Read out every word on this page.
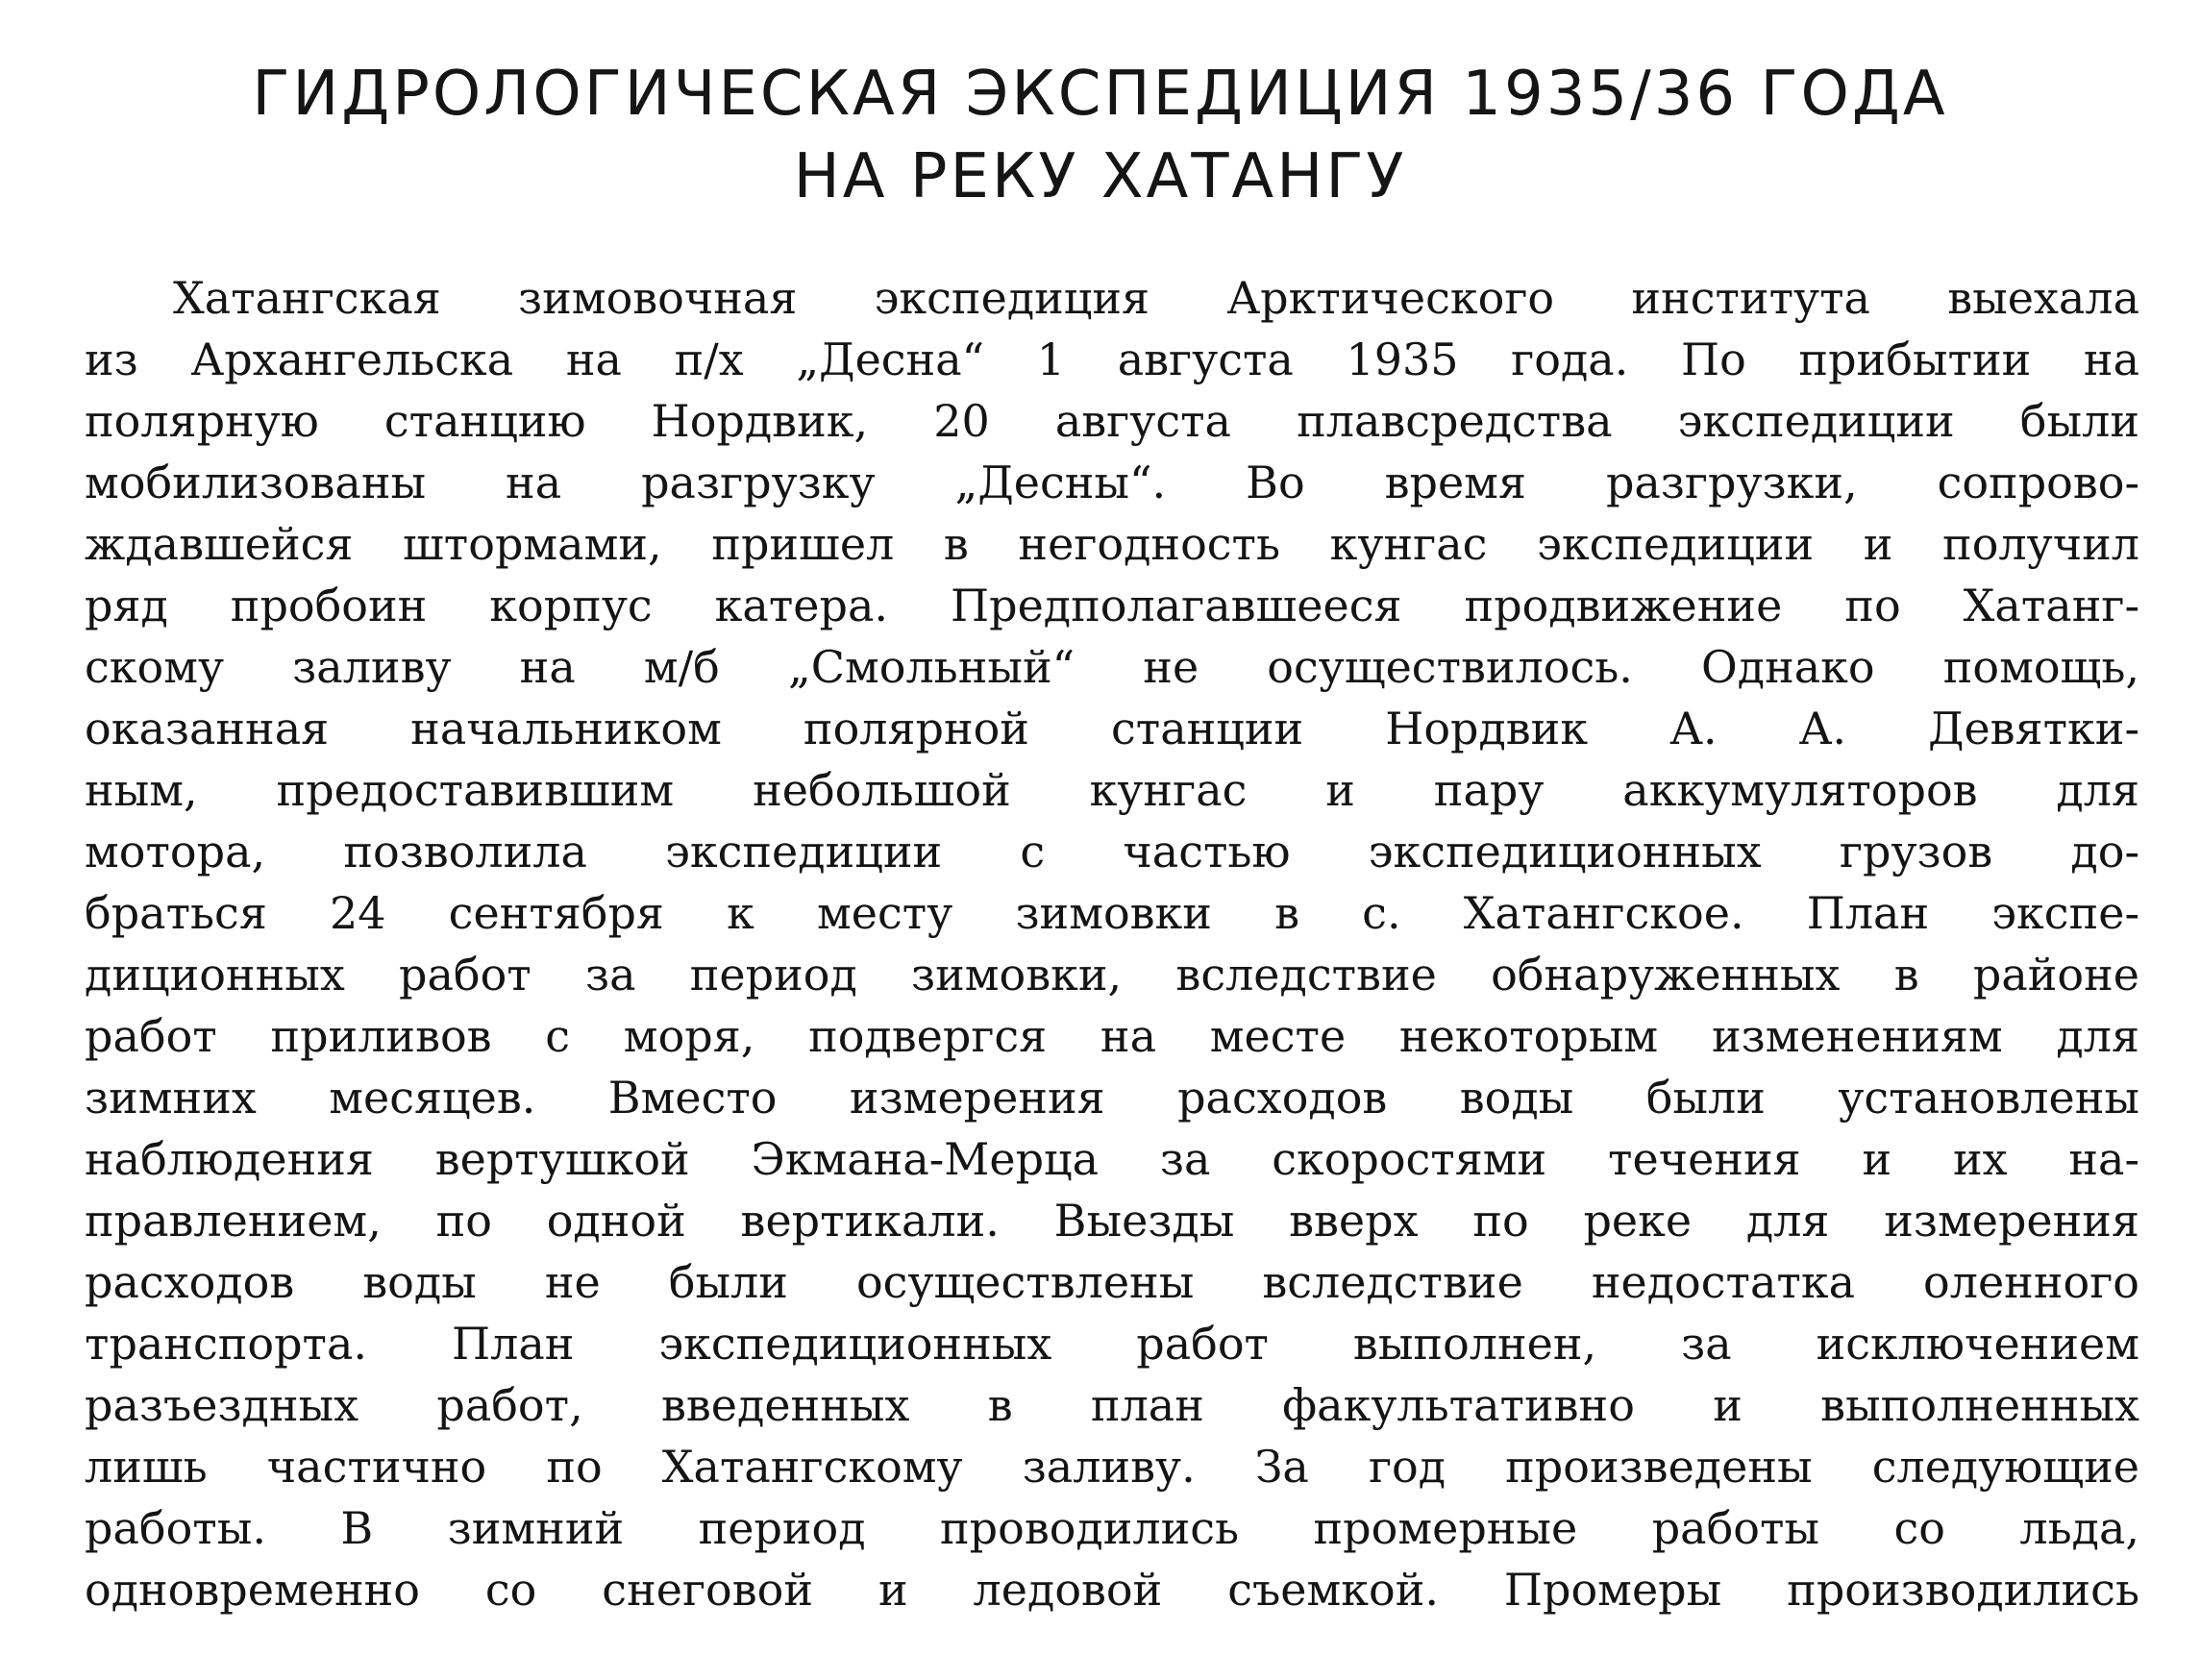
ГИДРОЛОГИЧЕСКАЯ ЭКСПЕДИЦИЯ 1935/36 ГОДА
НА РЕКУ ХАТАНГУ
Хатангская зимовочная экспедиция Арктического института выехала
из Архангельска на п/х „Десна“ 1 августа 1935 года. По прибытии на
полярную станцию Нордвик, 20 августа плавсредства экспедиции были
мобилизованы на разгрузку „Десны“. Во время разгрузки, сопрово-
ждавшейся штормами, пришел в негодность кунгас экспедиции и получил
ряд пробоин корпус катера. Предполагавшееся продвижение по Хатанг-
скому заливу на м/б „Смольный“ не осуществилось. Однако помощь,
оказанная начальником полярной станции Нордвик А. А. Девятки-
ным, предоставившим небольшой кунгас и пару аккумуляторов для
мотора, позволила экспедиции с частью экспедиционных грузов до-
браться 24 сентября к месту зимовки в с. Хатангское. План экспе-
диционных работ за период зимовки, вследствие обнаруженных в районе
работ приливов с моря, подвергся на месте некоторым изменениям для
зимних месяцев. Вместо измерения расходов воды были установлены
наблюдения вертушкой Экмана-Мерца за скоростями течения и их на-
правлением, по одной вертикали. Выезды вверх по реке для измерения
расходов воды не были осуществлены вследствие недостатка оленного
транспорта. План экспедиционных работ выполнен, за исключением
разъездных работ, введенных в план факультативно и выполненных
лишь частично по Хатангскому заливу. За год произведены следующие
работы. В зимний период проводились промерные работы со льда,
одновременно со снеговой и ледовой съемкой. Промеры производились
